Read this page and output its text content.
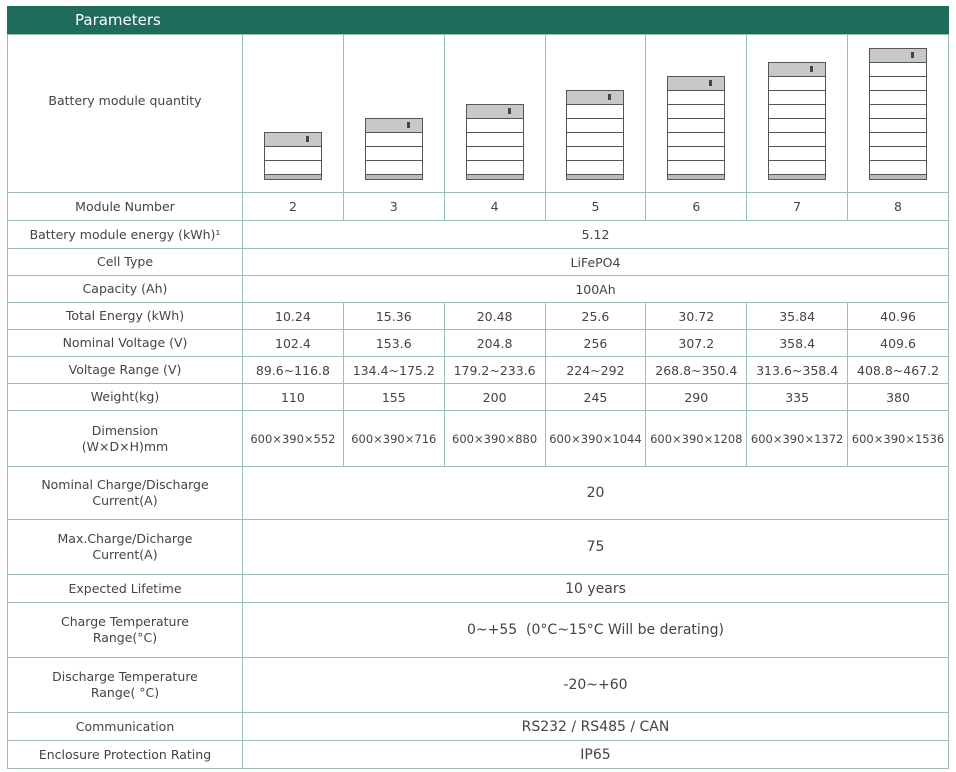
Parameters
Battery module quantity	

Module Number	2	3	4	5	6	7	8
Battery module energy (kWh)¹	5.12						
Cell Type	LiFePO4						
Capacity (Ah)	100Ah						
Total Energy (kWh)	10.24	15.36	20.48	25.6	30.72	35.84	40.96
Nominal Voltage (V)	102.4	153.6	204.8	256	307.2	358.4	409.6
Voltage Range (V)	89.6~116.8	134.4~175.2	179.2~233.6	224~292	268.8~350.4	313.6~358.4	408.8~467.2
Weight(kg)	110	155	200	245	290	335	380

Dimension
(W×D×H)mm	600×390×552	600×390×716	600×390×880	600×390×1044	600×390×1208	600×390×1372	600×390×1536

Nominal Charge/Discharge
Current(A)	20						

Max.Charge/Dicharge
Current(A)	75						
Expected Lifetime	10 years						

Charge Temperature
Range(°C)	0~+55  (0°C~15°C Will be derating)						

Discharge Temperature
Range( °C)	-20~+60						
Communication	RS232 / RS485 / CAN						
Enclosure Protection Rating	IP65						
